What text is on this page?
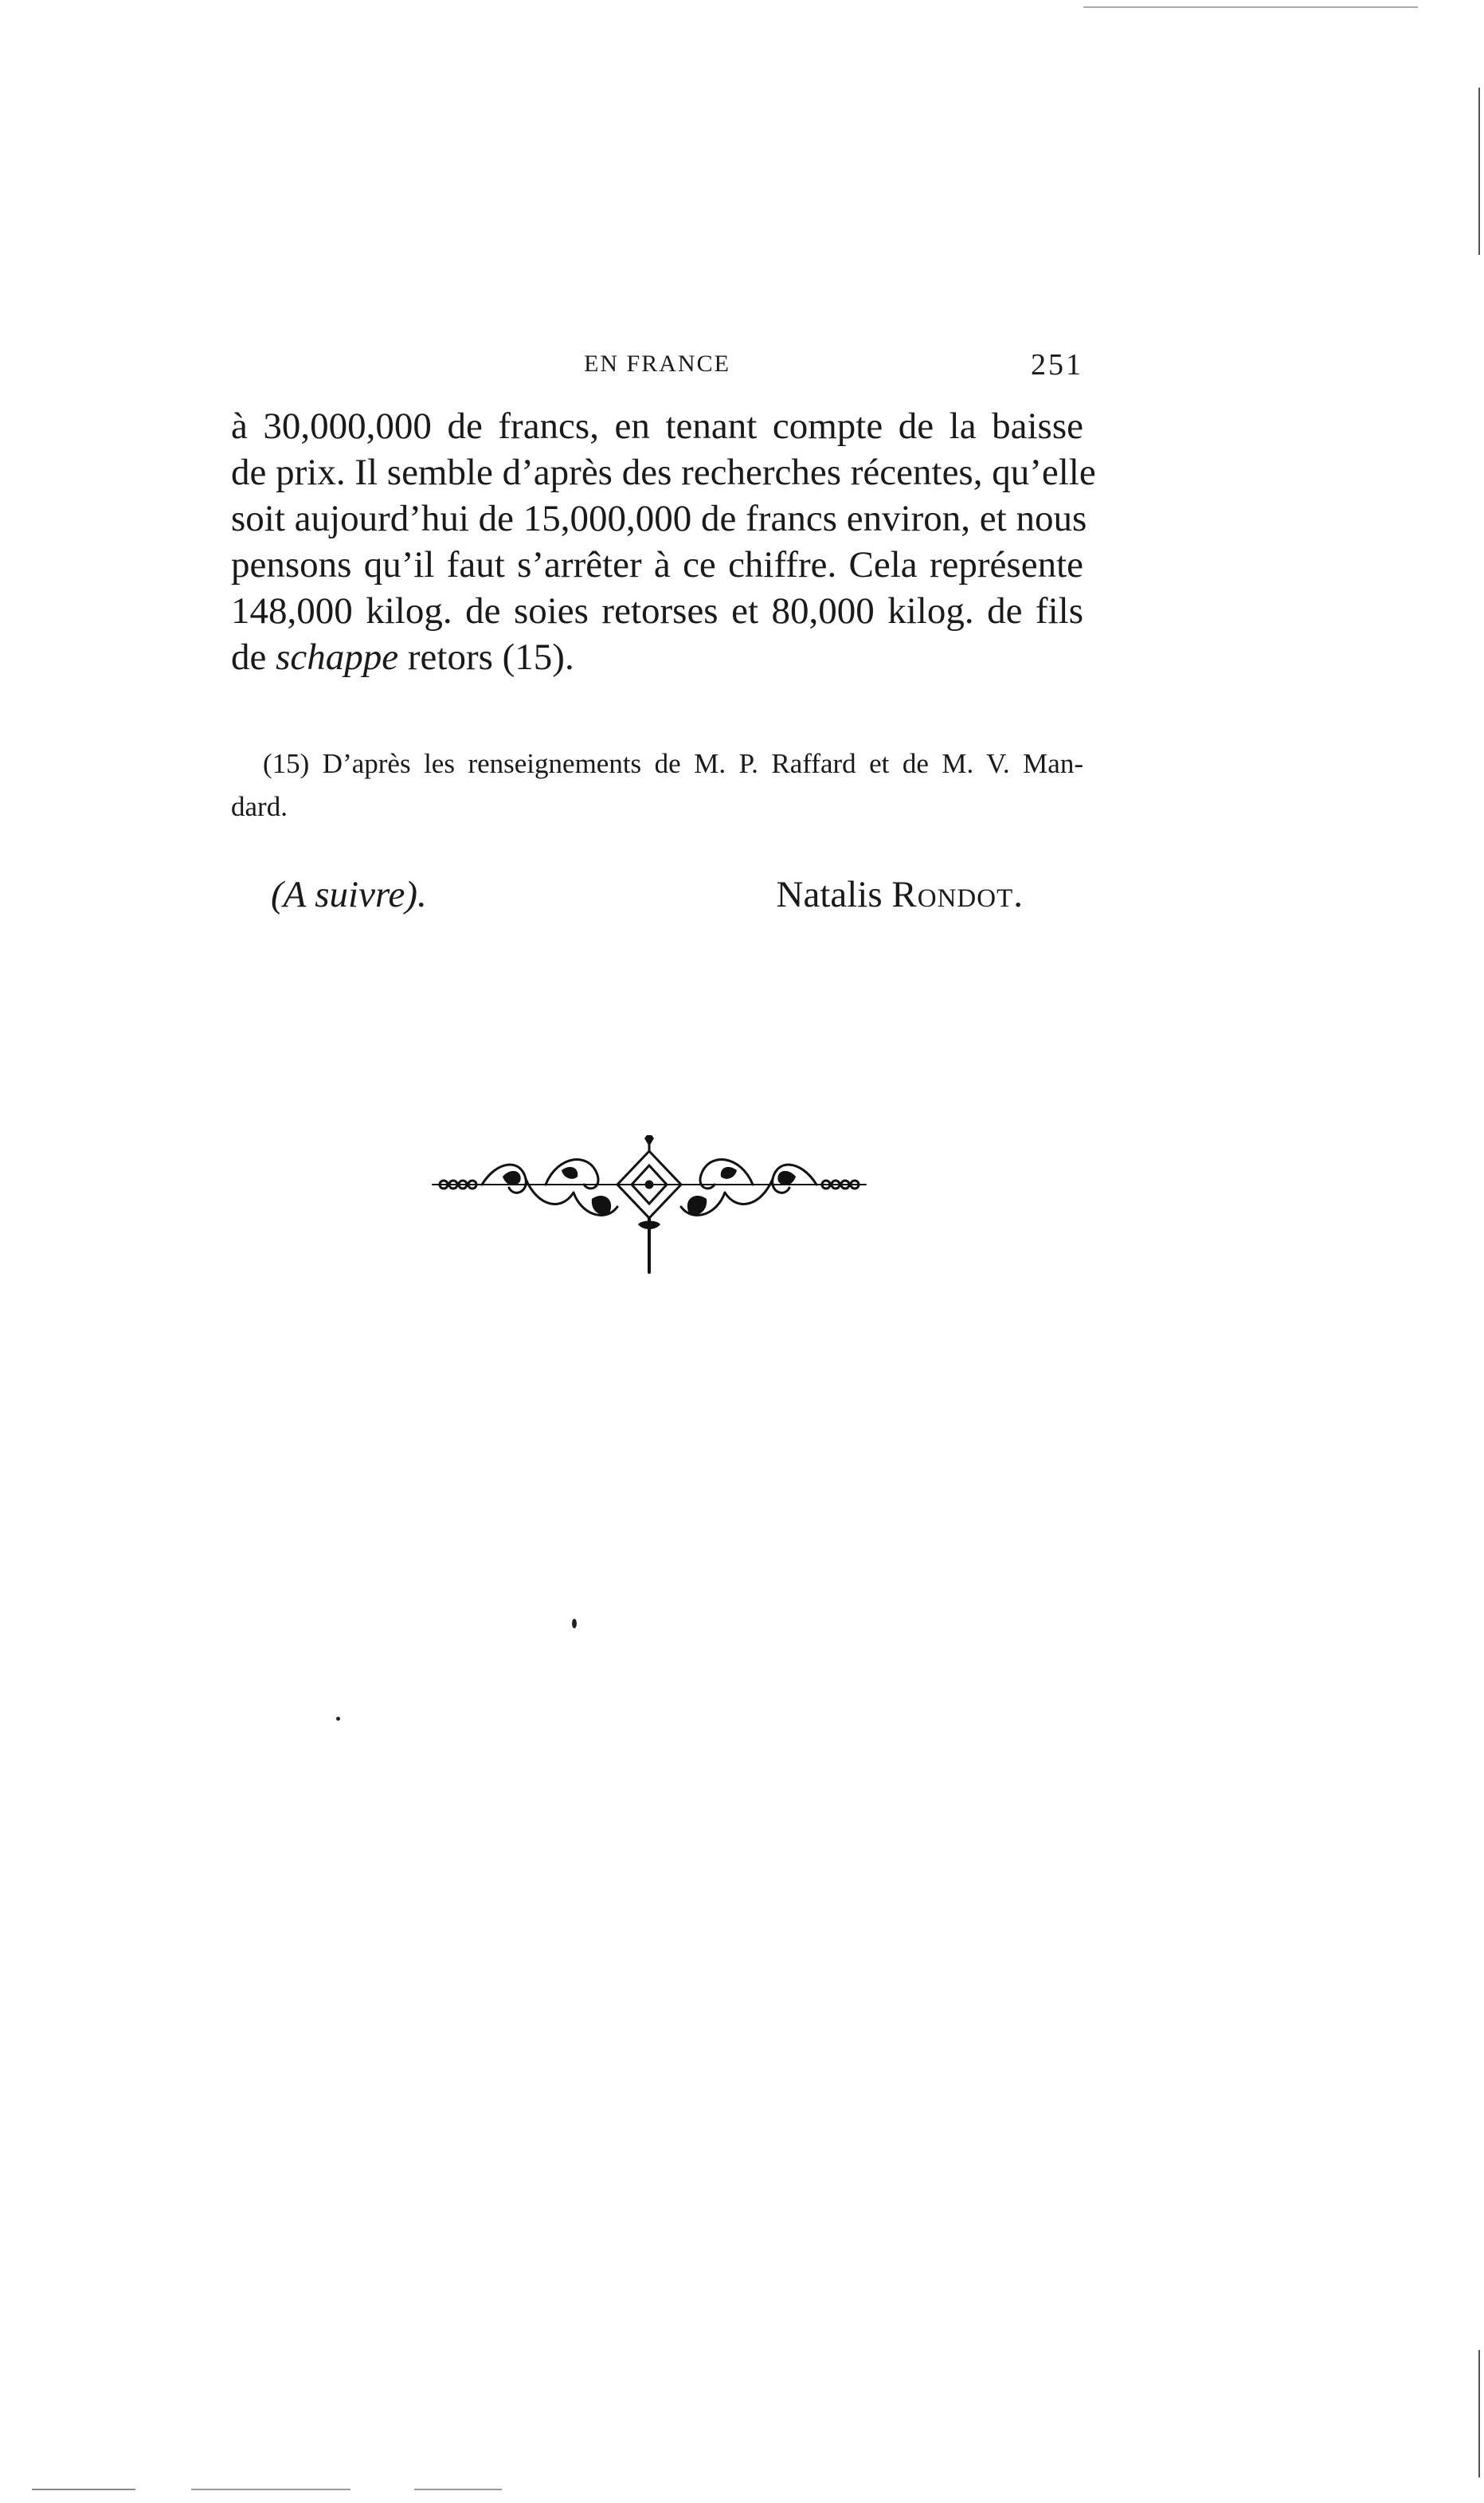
EN FRANCE	251
à 30,000,000 de francs, en tenant compte de la baisse
de prix. Il semble d’après des recherches récentes, qu’elle
soit aujourd’hui de 15,000,000 de francs environ, et nous
pensons qu’il faut s’arrêter à ce chiffre. Cela représente
148,000 kilog. de soies retorses et 80,000 kilog. de fils
de schappe retors (15).
(15) D’après les renseignements de M. P. Raffard et de M. V. Man-
dard.
(A suivre).	Natalis Rondot.
